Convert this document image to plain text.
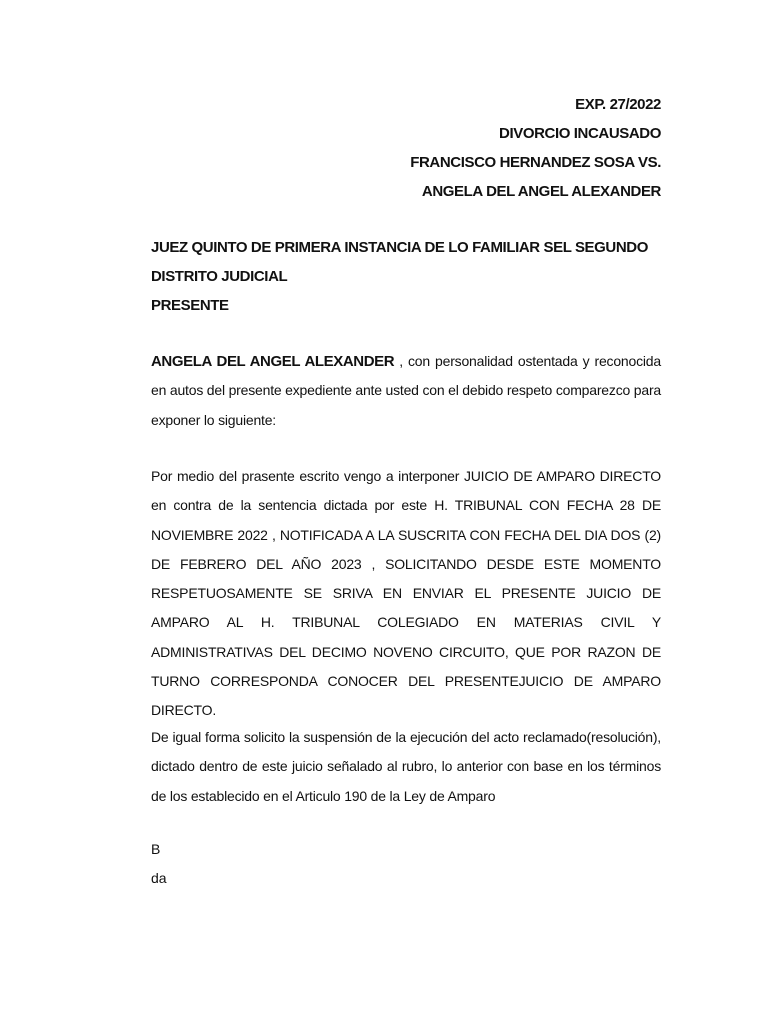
EXP. 27/2022
DIVORCIO INCAUSADO
FRANCISCO HERNANDEZ SOSA VS.
ANGELA DEL ANGEL ALEXANDER
JUEZ QUINTO DE PRIMERA INSTANCIA DE LO FAMILIAR SEL SEGUNDO
DISTRITO JUDICIAL
PRESENTE
ANGELA DEL ANGEL ALEXANDER , con personalidad ostentada y reconocida en autos del presente expediente ante usted con el debido respeto comparezco para exponer lo siguiente:
Por medio del prasente escrito vengo a interponer JUICIO DE AMPARO DIRECTO en contra de la sentencia dictada por este H. TRIBUNAL CON FECHA 28 DE NOVIEMBRE 2022 , NOTIFICADA A LA SUSCRITA CON FECHA DEL DIA DOS (2) DE FEBRERO DEL AÑO 2023 , SOLICITANDO DESDE ESTE MOMENTO RESPETUOSAMENTE SE SRIVA EN ENVIAR EL PRESENTE JUICIO DE AMPARO AL H. TRIBUNAL COLEGIADO EN MATERIAS CIVIL Y ADMINISTRATIVAS DEL DECIMO NOVENO CIRCUITO, QUE POR RAZON DE TURNO CORRESPONDA CONOCER DEL PRESENTEJUICIO DE AMPARO DIRECTO.
De igual forma solicito la suspensión de la ejecución del acto reclamado(resolución), dictado dentro de este juicio señalado al rubro, lo anterior con base en los términos de los establecido en el Articulo 190 de la Ley de Amparo
B
da
